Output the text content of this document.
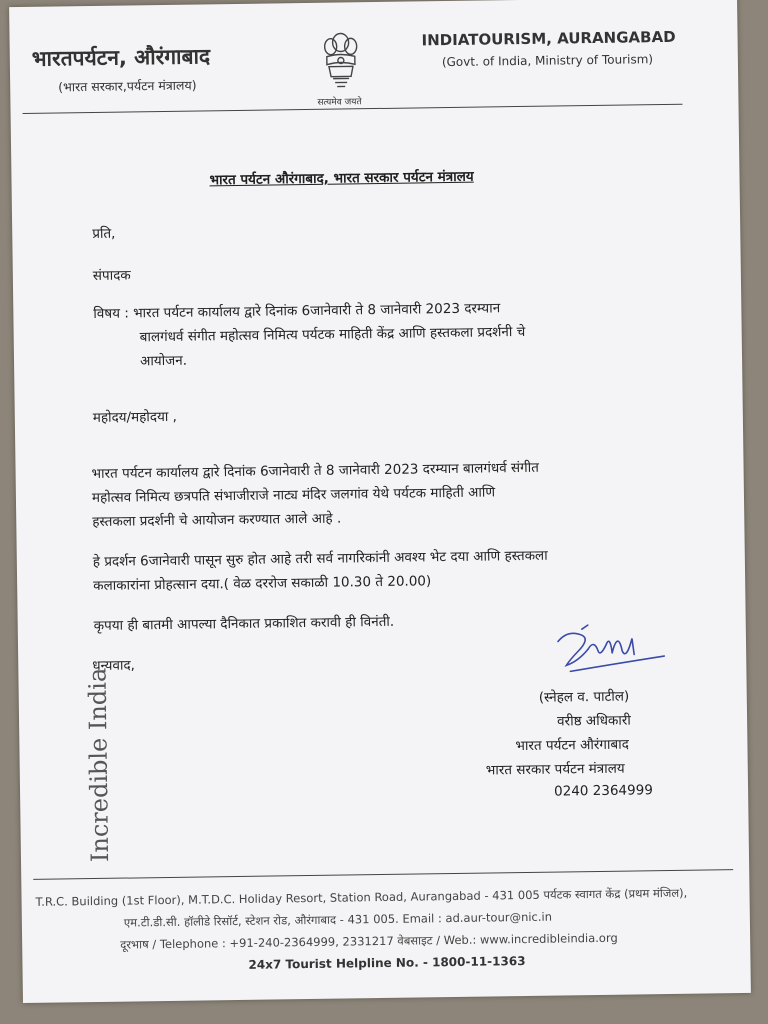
भारतपर्यटन, औरंगाबाद
(भारत सरकार,पर्यटन मंत्रालय)
सत्यमेव जयते
INDIATOURISM, AURANGABAD
(Govt. of India, Ministry of Tourism)
भारत पर्यटन औरंगाबाद, भारत सरकार पर्यटन मंत्रालय
प्रति,
संपादक
विषय : भारत पर्यटन कार्यालय द्वारे दिनांक 6जानेवारी ते 8 जानेवारी 2023 दरम्यान
बालगंधर्व संगीत महोत्सव निमित्य पर्यटक माहिती केंद्र आणि हस्तकला प्रदर्शनी चे
आयोजन.
महोदय/महोदया ,
भारत पर्यटन कार्यालय द्वारे दिनांक 6जानेवारी ते 8 जानेवारी 2023 दरम्यान बालगंधर्व संगीत
महोत्सव निमित्य छत्रपति संभाजीराजे नाट्य मंदिर जलगांव येथे पर्यटक माहिती आणि
हस्तकला प्रदर्शनी चे आयोजन करण्यात आले आहे .
हे प्रदर्शन 6जानेवारी पासून सुरु होत आहे तरी सर्व नागरिकांनी अवश्य भेट दया आणि हस्तकला
कलाकारांना प्रोहत्सान दया.( वेळ दररोज सकाळी 10.30 ते 20.00)
कृपया ही बातमी आपल्या दैनिकात प्रकाशित करावी ही विनंती.
धन्यवाद,
(स्नेहल व. पाटील)
वरीष्ठ अधिकारी
भारत पर्यटन औरंगाबाद
भारत सरकार पर्यटन मंत्रालय
0240 2364999
Incredible India
T.R.C. Building (1st Floor), M.T.D.C. Holiday Resort, Station Road, Aurangabad - 431 005 पर्यटक स्वागत केंद्र (प्रथम मंजिल),
एम.टी.डी.सी. हॉलीडे रिसॉर्ट, स्टेशन रोड, औरंगाबाद - 431 005. Email : ad.aur-tour@nic.in
दूरभाष / Telephone : +91-240-2364999, 2331217 वेबसाइट / Web.: www.incredibleindia.org
24x7 Tourist Helpline No. - 1800-11-1363
